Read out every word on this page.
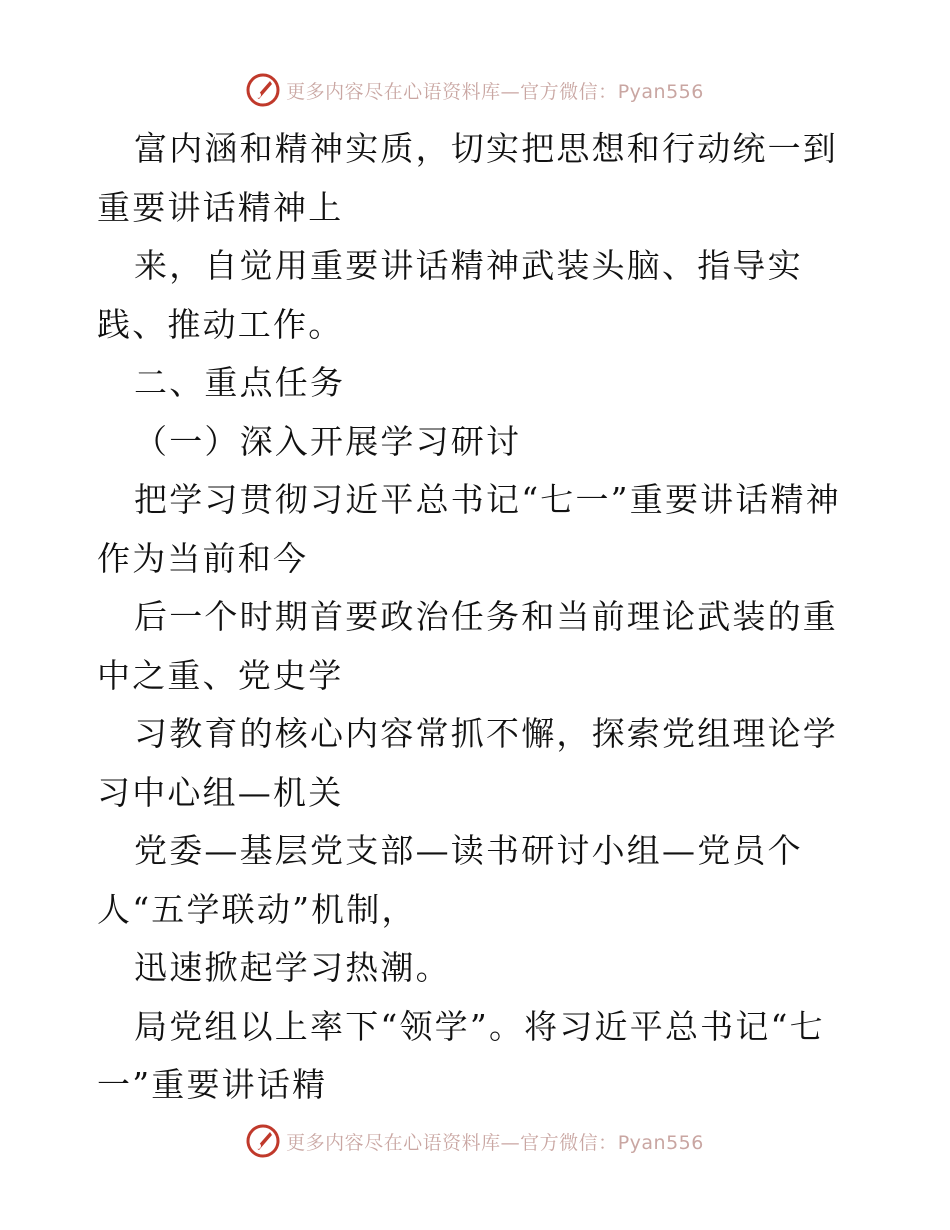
更多内容尽在心语资料库—官方微信：Pyan556

富内涵和精神实质，切实把思想和行动统一到重要讲话精神上

来，自觉用重要讲话精神武装头脑、指导实践、推动工作。

二、重点任务

（一）深入开展学习研讨

把学习贯彻习近平总书记“七一”重要讲话精神作为当前和今

后一个时期首要政治任务和当前理论武装的重中之重、党史学

习教育的核心内容常抓不懈，探索党组理论学习中心组—机关

党委—基层党支部—读书研讨小组—党员个人“五学联动”机制，

迅速掀起学习热潮。

局党组以上率下“领学”。将习近平总书记“七一”重要讲话精

更多内容尽在心语资料库—官方微信：Pyan556
